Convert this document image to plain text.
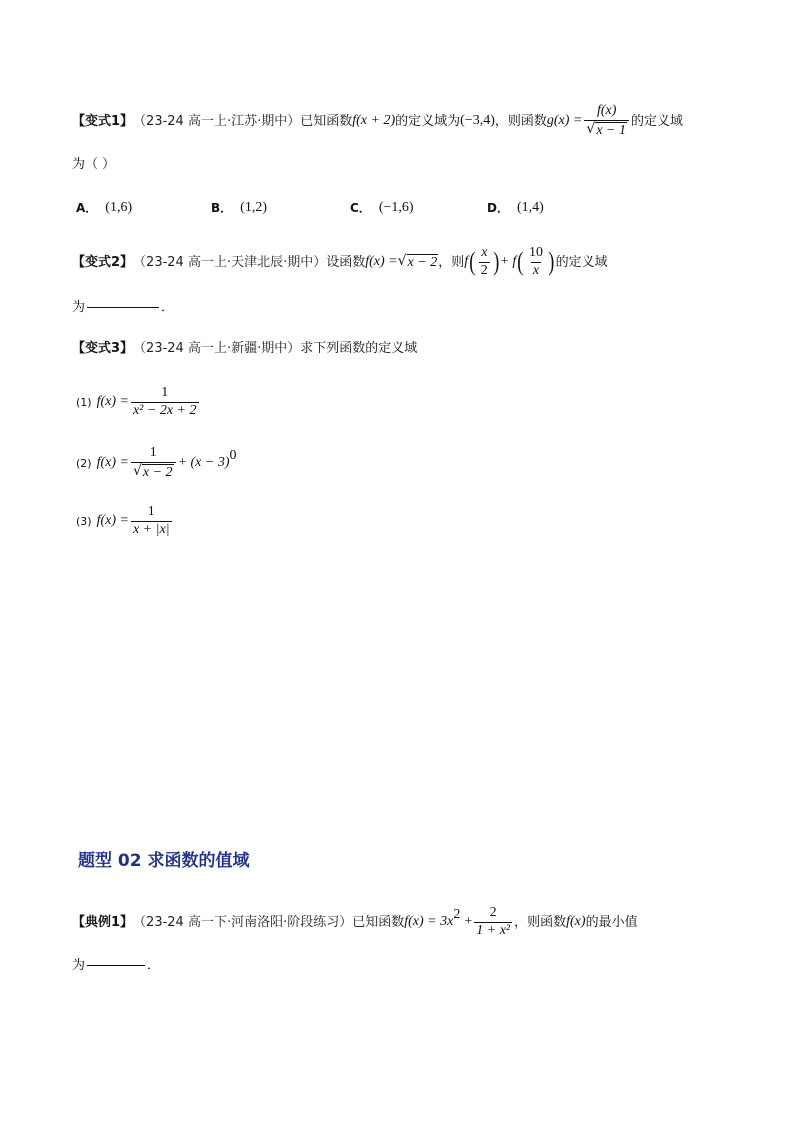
【变式1】 （23-24 高一上·江苏·期中） 已知函数 f(x + 2) 的定义域为 (−3,4) ，则函数 $g(x) = \frac{f(x)}{√ x - 1}$ 的定义域
为（ ）
A． (1,6)	B． (1,2)	C． (−1,6)	D． (1,4)
【变式2】 （23-24 高一上·天津北辰·期中） 设函数 f(x) = √ x − 2 ，则 f ( $\frac{x}{2}$ ) + f ( $\frac{10}{x}$ ) 的定义域
为	．
【变式3】 （23-24 高一上·新疆·期中） 求下列函数的定义域
(1) $f(x) = \frac{1}{\text{x² − 2x + 2}}$
(2) $f(x) = \frac{1}{√ x - 2} + (x - 3)^0$
(3) $f(x) = \frac{1}{x + |x|}$
题型 02 求函数的值域
【典例1】 （23-24 高一下·河南洛阳·阶段练习） 已知函数 $f(x) = 3x^2 + \frac{2}{\text{1 + x²}}$ ，则函数 f(x) 的最小值
为	．
